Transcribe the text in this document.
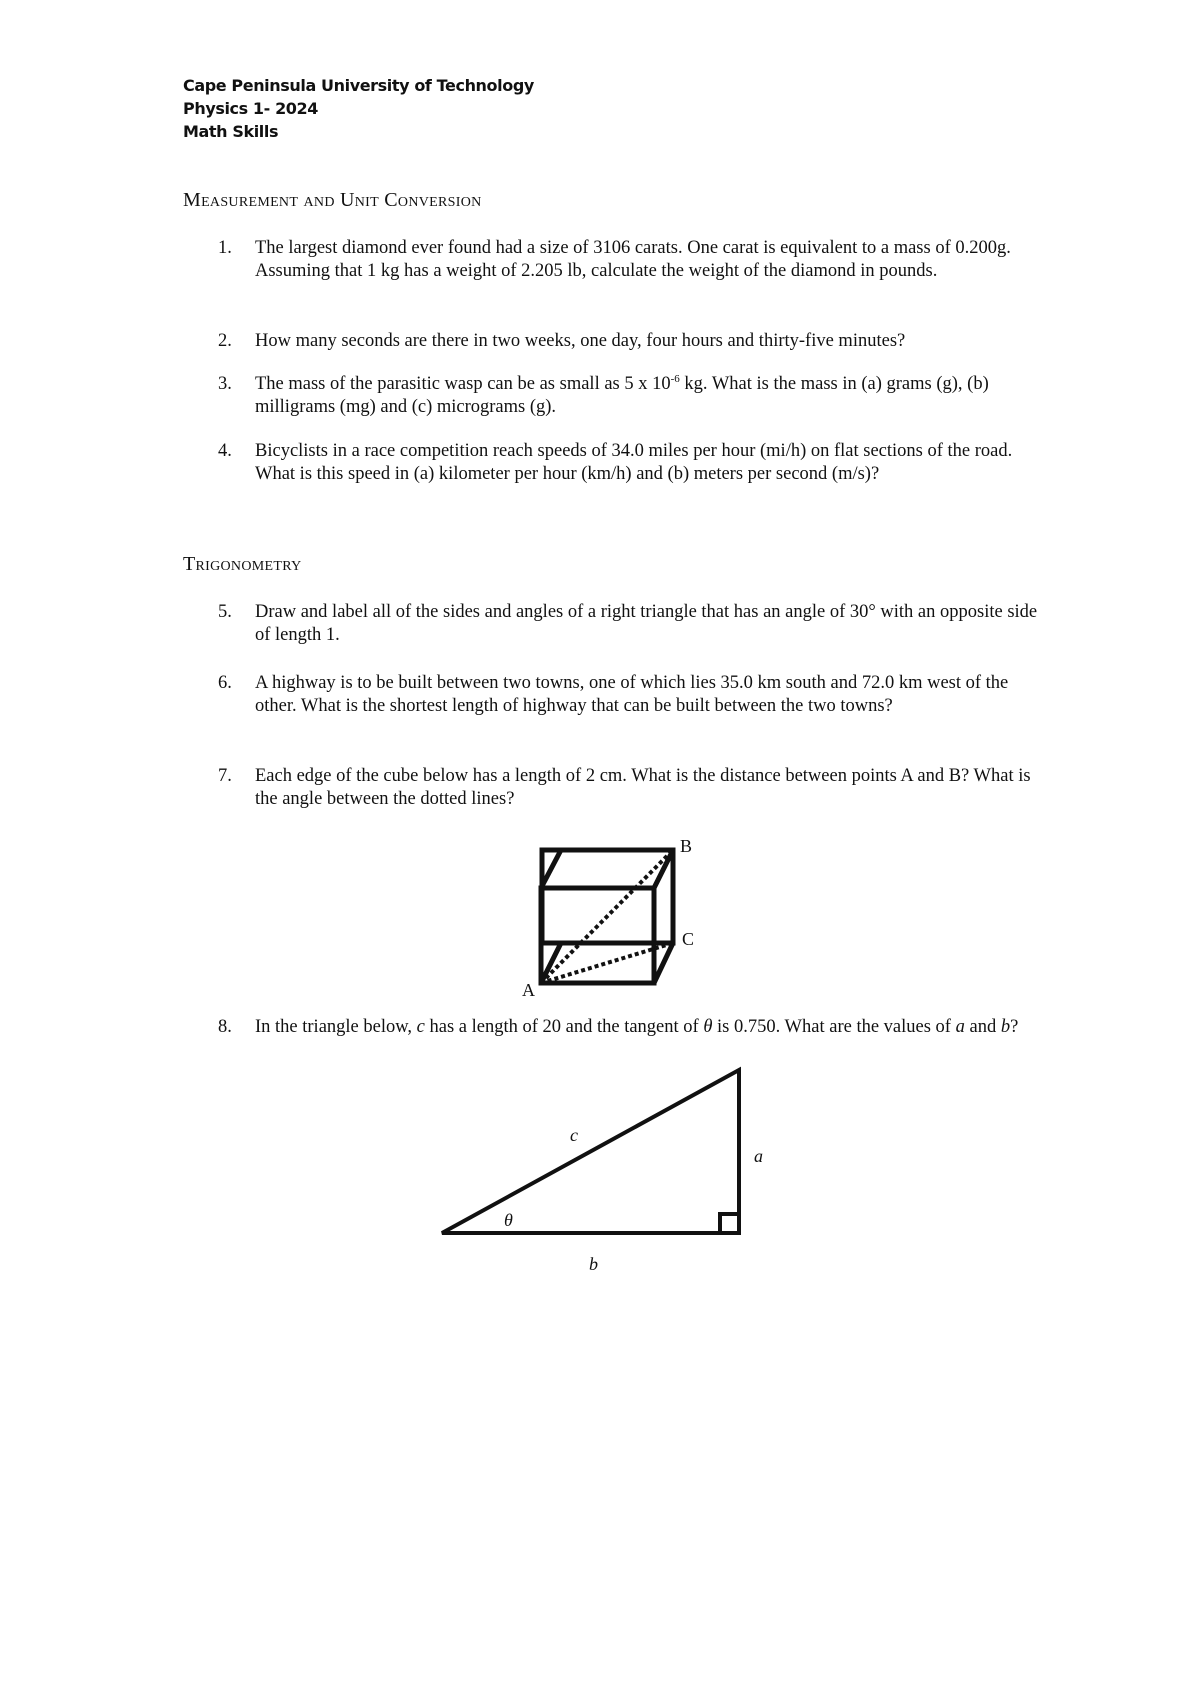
Cape Peninsula University of Technology
Physics 1- 2024
Math Skills
Measurement and Unit Conversion
1. The largest diamond ever found had a size of 3106 carats. One carat is equivalent to a mass of 0.200g. Assuming that 1 kg has a weight of 2.205 lb, calculate the weight of the diamond in pounds.
2. How many seconds are there in two weeks, one day, four hours and thirty-five minutes?
3. The mass of the parasitic wasp can be as small as 5 x $10^{-6}$ kg. What is the mass in (a) grams (g), (b) milligrams (mg) and (c) micrograms (g).
4. Bicyclists in a race competition reach speeds of 34.0 miles per hour (mi/h) on flat sections of the road. What is this speed in (a) kilometer per hour (km/h) and (b) meters per second (m/s)?
Trigonometry
5. Draw and label all of the sides and angles of a right triangle that has an angle of 30° with an opposite side of length 1.
6. A highway is to be built between two towns, one of which lies 35.0 km south and 72.0 km west of the other. What is the shortest length of highway that can be built between the two towns?
7. Each edge of the cube below has a length of 2 cm. What is the distance between points A and B? What is the angle between the dotted lines?
B
C
A
8. In the triangle below, c has a length of 20 and the tangent of θ is 0.750. What are the values of a and b?
c
a
θ
b
